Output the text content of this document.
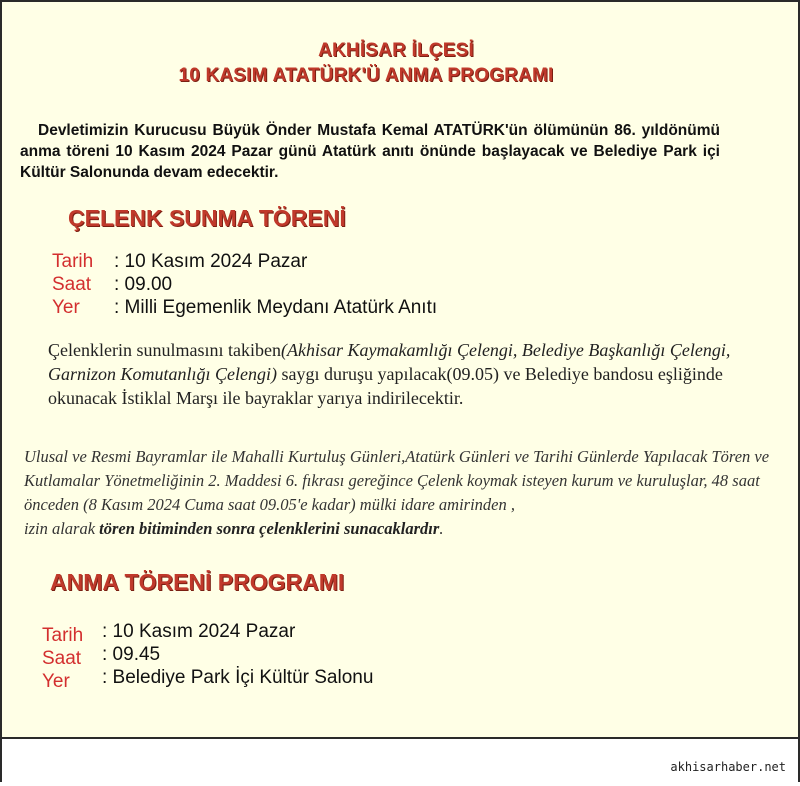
AKHİSAR İLÇESİ
10 KASIM ATATÜRK'Ü ANMA PROGRAMI
Devletimizin Kurucusu Büyük Önder Mustafa Kemal ATATÜRK'ün ölümünün 86. yıldönümü anma töreni 10 Kasım 2024 Pazar günü Atatürk anıtı önünde başlayacak ve Belediye Park içi Kültür Salonunda devam edecektir.
ÇELENK SUNMA TÖRENİ
Tarih	: 10 Kasım 2024 Pazar
Saat	: 09.00
Yer	: Milli Egemenlik Meydanı Atatürk Anıtı
Çelenklerin sunulmasını takiben(Akhisar Kaymakamlığı Çelengi, Belediye Başkanlığı Çelengi, Garnizon Komutanlığı Çelengi) saygı duruşu yapılacak(09.05) ve Belediye bandosu eşliğinde okunacak İstiklal Marşı ile bayraklar yarıya indirilecektir.
Ulusal ve Resmi Bayramlar ile Mahalli Kurtuluş Günleri,Atatürk Günleri ve Tarihi Günlerde Yapılacak Tören ve Kutlamalar Yönetmeliğinin 2. Maddesi 6. fıkrası gereğince Çelenk koymak isteyen kurum ve kuruluşlar, 48 saat önceden (8 Kasım 2024 Cuma saat 09.05'e kadar) mülki idare amirinden ,
izin alarak tören bitiminden sonra çelenklerini sunacaklardır.
ANMA TÖRENİ PROGRAMI
Tarih : 10 Kasım 2024 Pazar
Saat	: 09.45
Yer	: Belediye Park İçi Kültür Salonu
akhisarhaber.net
